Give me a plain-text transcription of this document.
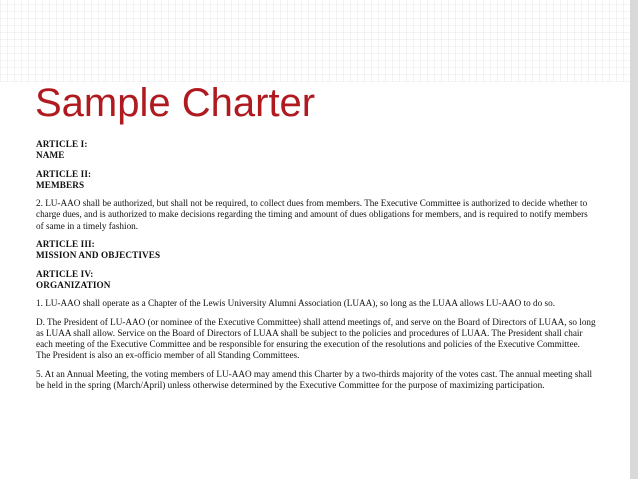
Sample Charter
ARTICLE I:
NAME
ARTICLE II:
MEMBERS

2. LU-AAO shall be authorized, but shall not be required, to collect dues from members. The Executive Committee is authorized to decide whether to charge dues, and is authorized to make decisions regarding the timing and amount of dues obligations for members, and is required to notify members of same in a timely fashion.

ARTICLE III:
MISSION AND OBJECTIVES
ARTICLE IV:
ORGANIZATION

1. LU-AAO shall operate as a Chapter of the Lewis University Alumni Association (LUAA), so long as the LUAA allows LU-AAO to do so.

D. The President of LU-AAO (or nominee of the Executive Committee) shall attend meetings of, and serve on the Board of Directors of LUAA, so long as LUAA shall allow. Service on the Board of Directors of LUAA shall be subject to the policies and procedures of LUAA. The President shall chair each meeting of the Executive Committee and be responsible for ensuring the execution of the resolutions and policies of the Executive Committee. The President is also an ex-officio member of all Standing Committees.

5. At an Annual Meeting, the voting members of LU-AAO may amend this Charter by a two-thirds majority of the votes cast. The annual meeting shall be held in the spring (March/April) unless otherwise determined by the Executive Committee for the purpose of maximizing participation.
